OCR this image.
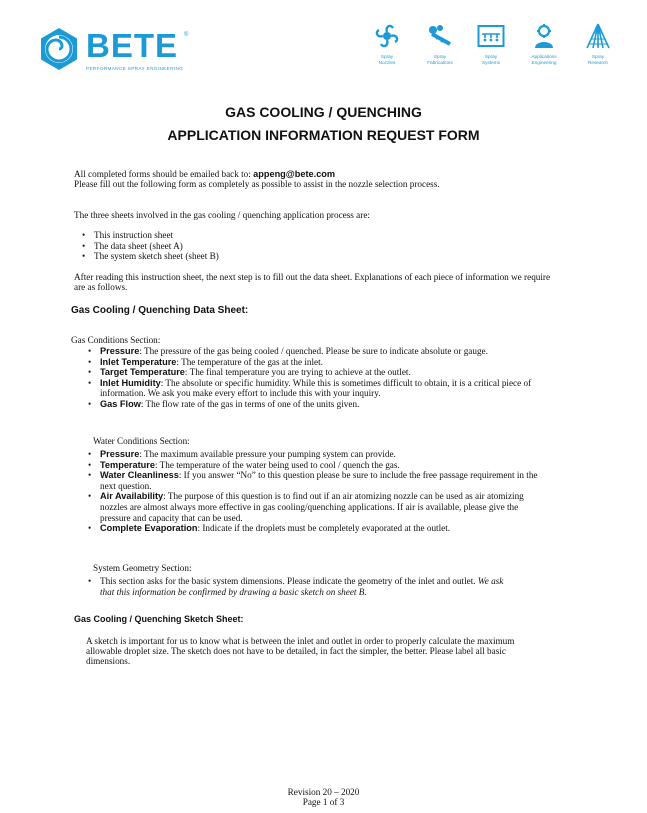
BETE ®
PERFORMANCE SPRAY ENGINEERING
Spray
Nozzles
Spray
Fabrications
Spray
Systems
Applications
Engineering
Spray
Research
GAS COOLING / QUENCHING
APPLICATION INFORMATION REQUEST FORM
All completed forms should be emailed back to: appeng@bete.com
Please fill out the following form as completely as possible to assist in the nozzle selection process.
The three sheets involved in the gas cooling / quenching application process are:
• This instruction sheet
• The data sheet (sheet A)
• The system sketch sheet (sheet B)
After reading this instruction sheet, the next step is to fill out the data sheet. Explanations of each piece of information we require
are as follows.
Gas Cooling / Quenching Data Sheet:
Gas Conditions Section:
• Pressure: The pressure of the gas being cooled / quenched. Please be sure to indicate absolute or gauge.
• Inlet Temperature: The temperature of the gas at the inlet.
• Target Temperature: The final temperature you are trying to achieve at the outlet.
• Inlet Humidity: The absolute or specific humidity. While this is sometimes difficult to obtain, it is a critical piece of
information. We ask you make every effort to include this with your inquiry.
• Gas Flow: The flow rate of the gas in terms of one of the units given.
Water Conditions Section:
• Pressure: The maximum available pressure your pumping system can provide.
• Temperature: The temperature of the water being used to cool / quench the gas.
• Water Cleanliness: If you answer “No” to this question please be sure to include the free passage requirement in the
next question.
• Air Availability: The purpose of this question is to find out if an air atomizing nozzle can be used as air atomizing
nozzles are almost always more effective in gas cooling/quenching applications. If air is available, please give the
pressure and capacity that can be used.
• Complete Evaporation: Indicate if the droplets must be completely evaporated at the outlet.
System Geometry Section:
• This section asks for the basic system dimensions. Please indicate the geometry of the inlet and outlet. We ask
that this information be confirmed by drawing a basic sketch on sheet B.
Gas Cooling / Quenching Sketch Sheet:
A sketch is important for us to know what is between the inlet and outlet in order to properly calculate the maximum
allowable droplet size. The sketch does not have to be detailed, in fact the simpler, the better. Please label all basic
dimensions.
Revision 20 – 2020
Page 1 of 3
